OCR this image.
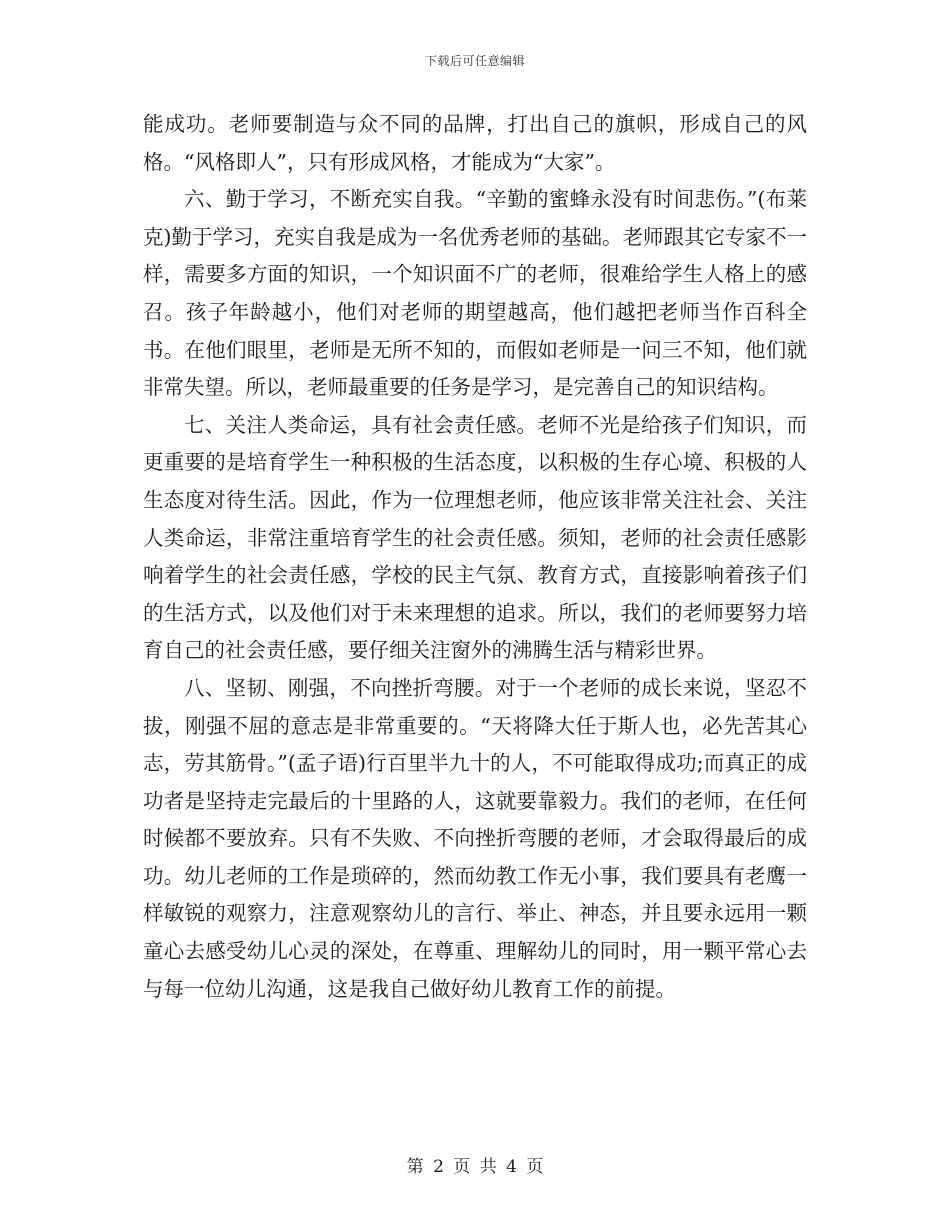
下载后可任意编辑

能成功。老师要制造与众不同的品牌，打出自己的旗帜，形成自己的风格。“风格即人”，只有形成风格，才能成为“大家”。

六、勤于学习，不断充实自我。“辛勤的蜜蜂永没有时间悲伤。”(布莱克)勤于学习，充实自我是成为一名优秀老师的基础。老师跟其它专家不一样，需要多方面的知识，一个知识面不广的老师，很难给学生人格上的感召。孩子年龄越小，他们对老师的期望越高，他们越把老师当作百科全书。在他们眼里，老师是无所不知的，而假如老师是一问三不知，他们就非常失望。所以，老师最重要的任务是学习，是完善自己的知识结构。

七、关注人类命运，具有社会责任感。老师不光是给孩子们知识，而更重要的是培育学生一种积极的生活态度，以积极的生存心境、积极的人生态度对待生活。因此，作为一位理想老师，他应该非常关注社会、关注人类命运，非常注重培育学生的社会责任感。须知，老师的社会责任感影响着学生的社会责任感，学校的民主气氛、教育方式，直接影响着孩子们的生活方式，以及他们对于未来理想的追求。所以，我们的老师要努力培育自己的社会责任感，要仔细关注窗外的沸腾生活与精彩世界。

八、坚韧、刚强，不向挫折弯腰。对于一个老师的成长来说，坚忍不拔，刚强不屈的意志是非常重要的。“天将降大任于斯人也，必先苦其心志，劳其筋骨。”(孟子语)行百里半九十的人，不可能取得成功;而真正的成功者是坚持走完最后的十里路的人，这就要靠毅力。我们的老师，在任何时候都不要放弃。只有不失败、不向挫折弯腰的老师，才会取得最后的成功。幼儿老师的工作是琐碎的，然而幼教工作无小事，我们要具有老鹰一样敏锐的观察力，注意观察幼儿的言行、举止、神态，并且要永远用一颗童心去感受幼儿心灵的深处，在尊重、理解幼儿的同时，用一颗平常心去与每一位幼儿沟通，这是我自己做好幼儿教育工作的前提。

第 2 页 共 4 页
